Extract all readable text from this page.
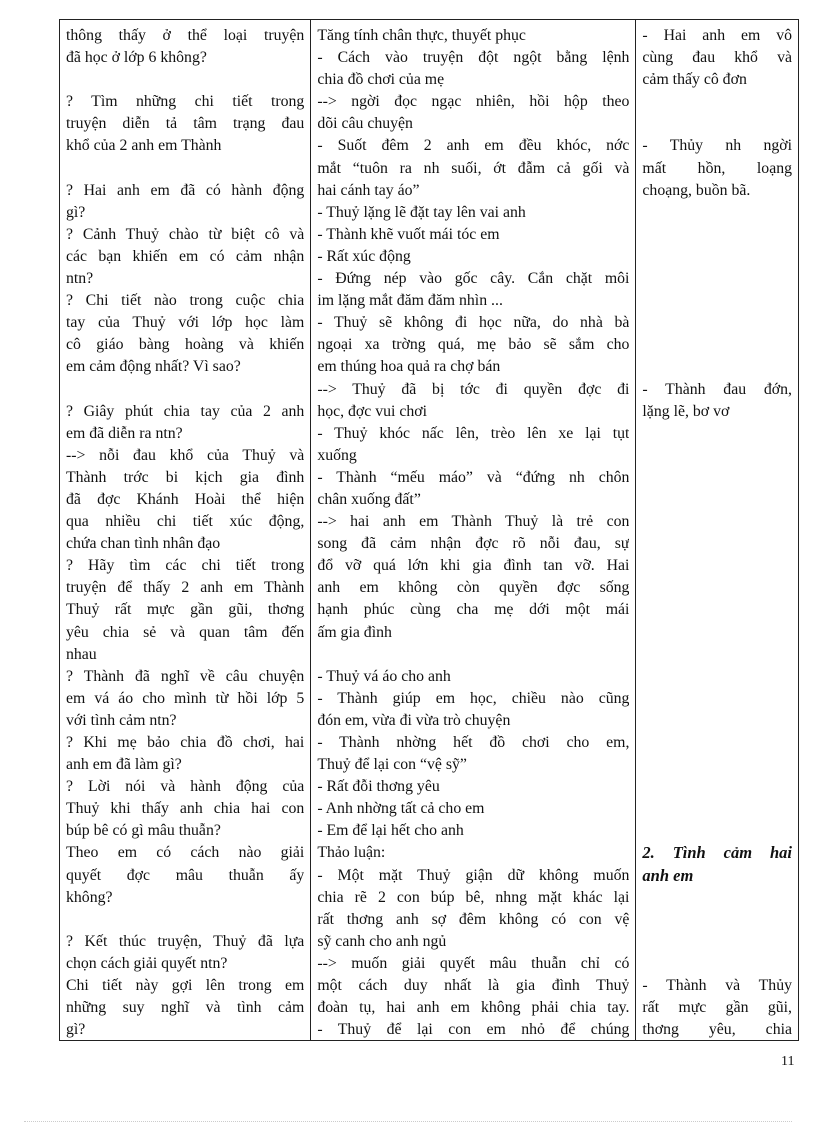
thông thấy ở thể loại truyện
đã học ở lớp 6 không?

? Tìm những chi tiết trong
truyện diễn tả tâm trạng đau
khổ của 2 anh em Thành

? Hai anh em đã có hành động
gì?
? Cảnh Thuỷ chào từ biệt cô và
các bạn khiến em có cảm nhận
ntn?
? Chi tiết nào trong cuộc chia
tay của Thuỷ với lớp học làm
cô giáo bàng hoàng và khiến
em cảm động nhất? Vì sao?

? Giây phút chia tay của 2 anh
em đã diễn ra ntn?
--> nỗi đau khổ của Thuỷ và
Thành trớc bi kịch gia đình
đã đợc Khánh Hoài thể hiện
qua nhiều chi tiết xúc động,
chứa chan tình nhân đạo
? Hãy tìm các chi tiết trong
truyện để thấy 2 anh em Thành
Thuỷ rất mực gần gũi, thơng
yêu chia sẻ và quan tâm đến
nhau
? Thành đã nghĩ về câu chuyện
em vá áo cho mình từ hồi lớp 5
với tình cảm ntn?
? Khi mẹ bảo chia đồ chơi, hai
anh em đã làm gì?
? Lời nói và hành động của
Thuỷ khi thấy anh chia hai con
búp bê có gì mâu thuẫn?
Theo em có cách nào giải
quyết đợc mâu thuẫn ấy
không?

? Kết thúc truyện, Thuỷ đã lựa
chọn cách giải quyết ntn?
Chi tiết này gợi lên trong em
những suy nghĩ và tình cảm
gì?
Tăng tính chân thực, thuyết phục
- Cách vào truyện đột ngột bằng lệnh
chia đồ chơi của mẹ
--> ngời đọc ngạc nhiên, hồi hộp theo
dõi câu chuyện
- Suốt đêm 2 anh em đều khóc, nớc
mắt “tuôn ra nh suối, ớt đẫm cả gối và
hai cánh tay áo”
- Thuỷ lặng lẽ đặt tay lên vai anh
- Thành khẽ vuốt mái tóc em
- Rất xúc động
- Đứng nép vào gốc cây. Cắn chặt môi
im lặng mắt đăm đăm nhìn ...
- Thuỷ sẽ không đi học nữa, do nhà bà
ngoại xa trờng quá, mẹ bảo sẽ sắm cho
em thúng hoa quả ra chợ bán
--> Thuỷ đã bị tớc đi quyền đợc đi
học, đợc vui chơi
- Thuỷ khóc nấc lên, trèo lên xe lại tụt
xuống
- Thành “mếu máo” và “đứng nh chôn
chân xuống đất”
--> hai anh em Thành Thuỷ là trẻ con
song đã cảm nhận đợc rõ nỗi đau, sự
đổ vỡ quá lớn khi gia đình tan vỡ. Hai
anh em không còn quyền đợc sống
hạnh phúc cùng cha mẹ dới một mái
ấm gia đình

- Thuỷ vá áo cho anh
- Thành giúp em học, chiều nào cũng
đón em, vừa đi vừa trò chuyện
- Thành nhờng hết đồ chơi cho em,
Thuỷ để lại con “vệ sỹ”
- Rất đỗi thơng yêu
- Anh nhờng tất cả cho em
- Em để lại hết cho anh
Thảo luận:
- Một mặt Thuỷ giận dữ không muốn
chia rẽ 2 con búp bê, nhng mặt khác lại
rất thơng anh sợ đêm không có con vệ
sỹ canh cho anh ngủ
--> muốn giải quyết mâu thuẫn chỉ có
một cách duy nhất là gia đình Thuỷ
đoàn tụ, hai anh em không phải chia tay.
- Thuỷ để lại con em nhỏ để chúng
- Hai anh em vô
cùng đau khổ và
cảm thấy cô đơn

- Thủy nh ngời
mất hồn, loạng
choạng, buồn bã.

- Thành đau đớn,
lặng lẽ, bơ vơ

2. Tình cảm hai
anh em

- Thành và Thủy
rất mực gần gũi,
thơng yêu, chia
11
